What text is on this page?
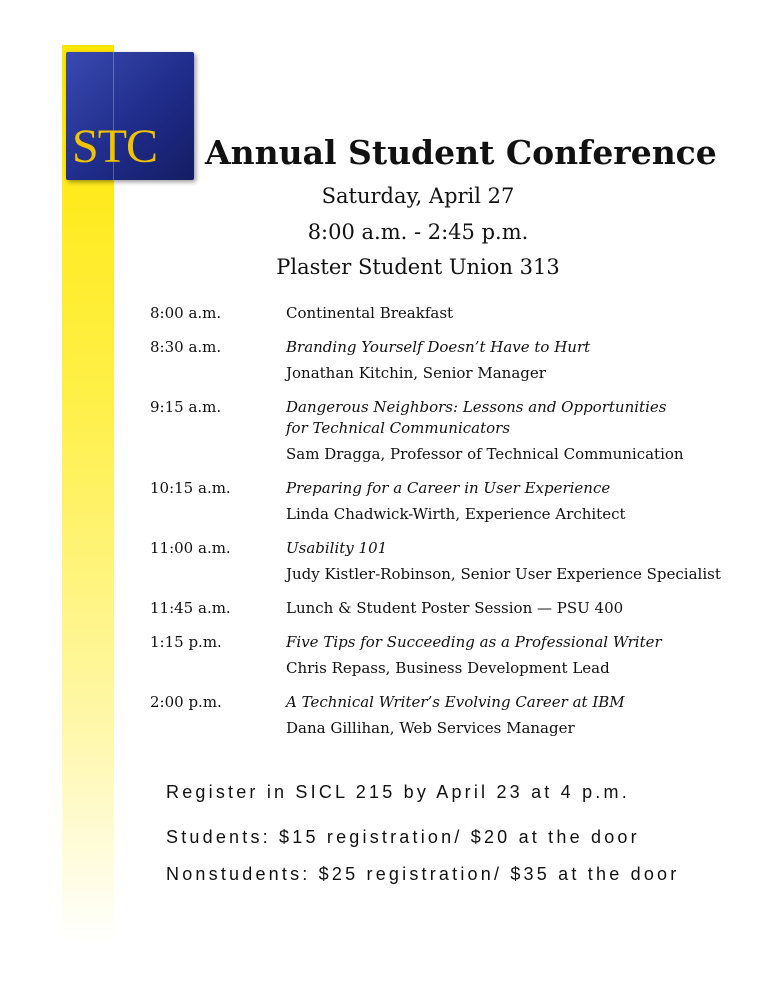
STC Annual Student Conference
Saturday, April 27
8:00 a.m. - 2:45 p.m.
Plaster Student Union 313
8:00 a.m.	Continental Breakfast
8:30 a.m.	Branding Yourself Doesn’t Have to Hurt
Jonathan Kitchin, Senior Manager
9:15 a.m.	Dangerous Neighbors: Lessons and Opportunities for Technical Communicators
Sam Dragga, Professor of Technical Communication
10:15 a.m.	Preparing for a Career in User Experience
Linda Chadwick-Wirth, Experience Architect
11:00 a.m.	Usability 101
Judy Kistler-Robinson, Senior User Experience Specialist
11:45 a.m.	Lunch & Student Poster Session — PSU 400
1:15 p.m.	Five Tips for Succeeding as a Professional Writer
Chris Repass, Business Development Lead
2:00 p.m.	A Technical Writer’s Evolving Career at IBM
Dana Gillihan, Web Services Manager

Register in SICL 215 by April 23 at 4 p.m.

Students: $15 registration/ $20 at the door

Nonstudents: $25 registration/ $35 at the door
